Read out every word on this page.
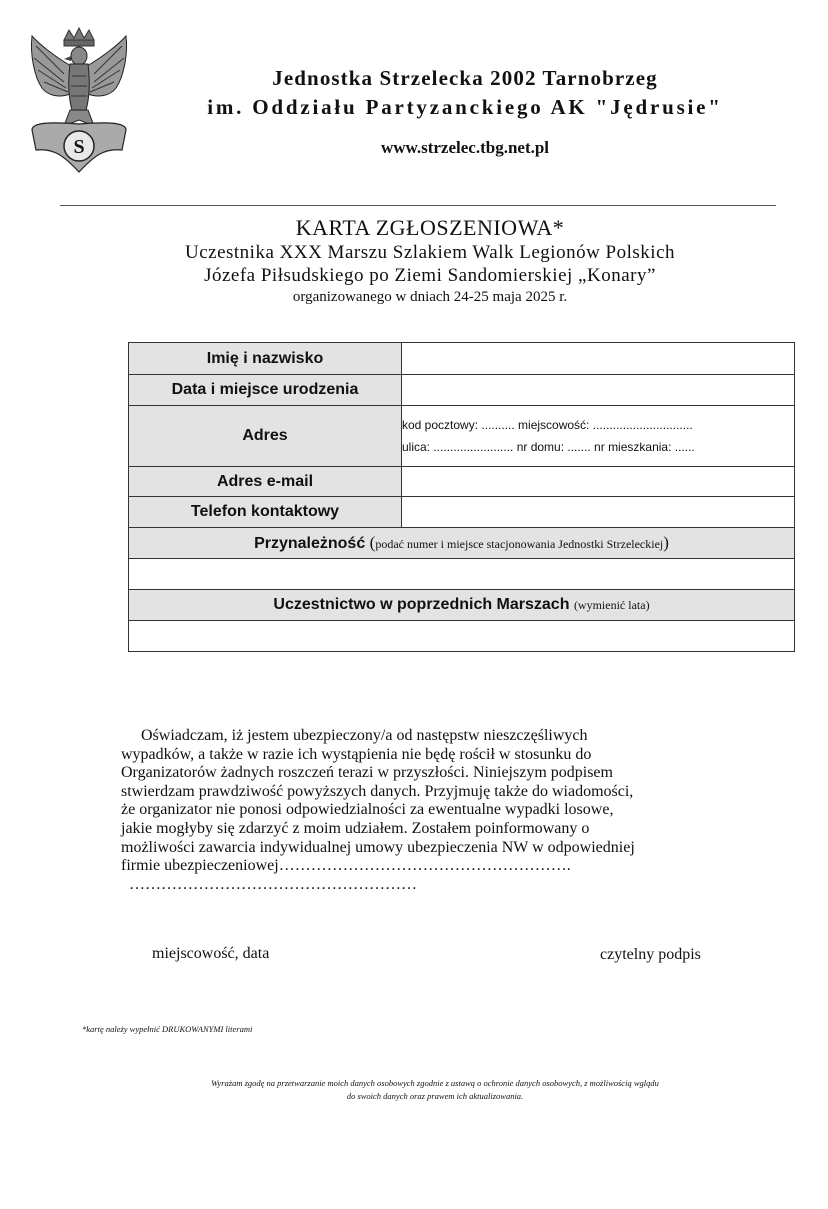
S
Jednostka Strzelecka 2002 Tarnobrzeg
im. Oddziału Partyzanckiego AK "Jędrusie"
www.strzelec.tbg.net.pl
KARTA ZGŁOSZENIOWA*
Uczestnika XXX Marszu Szlakiem Walk Legionów Polskich
Józefa Piłsudskiego po Ziemi Sandomierskiej „Konary”
organizowanego w dniach 24-25 maja 2025 r.
Imię i nazwisko	
Data i miejsce urodzenia	
Adres	kod pocztowy: .......... miejscowość: ..............................
ulica: ........................ nr domu: ....... nr mieszkania: ......

Adres e-mail	
Telefon kontaktowy	
Przynależność (podać numer i miejsce stacjonowania Jednostki Strzeleckiej)	

Uczestnictwo w poprzednich Marszach (wymienić lata)	

Oświadczam, iż jestem ubezpieczony/a od następstw nieszczęśliwych

wypadków, a także w razie ich wystąpienia nie będę rościł w stosunku do

Organizatorów żadnych roszczeń terazi w przyszłości. Niniejszym podpisem

stwierdzam prawdziwość powyższych danych. Przyjmuję także do wiadomości,

że organizator nie ponosi odpowiedzialności za ewentualne wypadki losowe,

jakie mogłyby się zdarzyć z moim udziałem. Zostałem poinformowany o

możliwości zawarcia indywidualnej umowy ubezpieczenia NW w odpowiedniej

firmie ubezpieczeniowej……………………………………………….

………………………………………………

miejscowość, data	czytelny podpis
*kartę należy wypełnić DRUKOWANYMI literami
Wyrażam zgodę na przetwarzanie moich danych osobowych zgodnie z ustawą o ochronie danych osobowych, z możliwością wglądu
do swoich danych oraz prawem ich aktualizowania.
